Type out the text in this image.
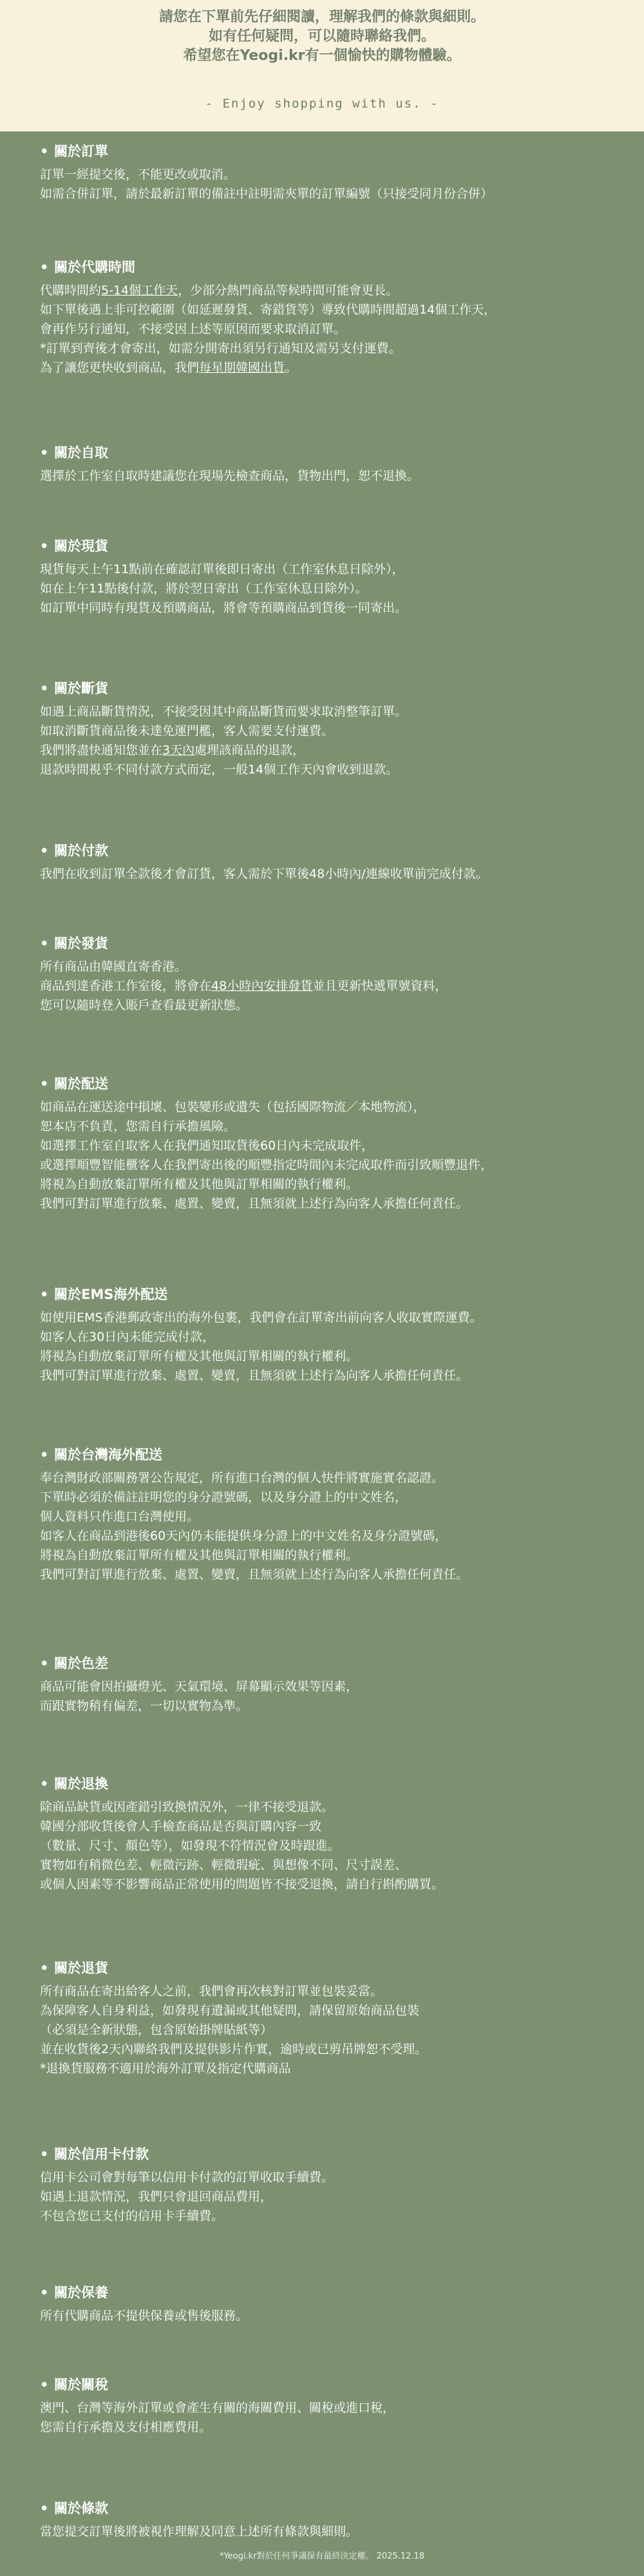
請您在下單前先仔細閱讀，理解我們的條款與細則。
如有任何疑問，可以隨時聯絡我們。
希望您在Yeogi.kr有一個愉快的購物體驗。
- Enjoy shopping with us. -
• 關於訂單
訂單一經提交後，不能更改或取消。
如需合併訂單，請於最新訂單的備註中註明需夾單的訂單編號（只接受同月份合併）
• 關於代購時間
代購時間約5-14個工作天，少部分熱門商品等候時間可能會更長。
如下單後遇上非可控範圍（如延遲發貨、寄錯貨等）導致代購時間超過14個工作天，
會再作另行通知，不接受因上述等原因而要求取消訂單。
*訂單到齊後才會寄出，如需分開寄出須另行通知及需另支付運費。
為了讓您更快收到商品，我們每星期韓國出貨。
• 關於自取
選擇於工作室自取時建議您在現場先檢查商品，貨物出門，恕不退換。
• 關於現貨
現貨每天上午11點前在確認訂單後即日寄出（工作室休息日除外），
如在上午11點後付款，將於翌日寄出（工作室休息日除外）。
如訂單中同時有現貨及預購商品，將會等預購商品到貨後一同寄出。
• 關於斷貨
如遇上商品斷貨情況，不接受因其中商品斷貨而要求取消整筆訂單。
如取消斷貨商品後未達免運門檻，客人需要支付運費。
我們將盡快通知您並在3天內處理該商品的退款，
退款時間視乎不同付款方式而定，一般14個工作天內會收到退款。
• 關於付款
我們在收到訂單全款後才會訂貨，客人需於下單後48小時內/連線收單前完成付款。
• 關於發貨
所有商品由韓國直寄香港。
商品到達香港工作室後，將會在48小時內安排發貨並且更新快遞單號資料，
您可以隨時登入賬戶查看最更新狀態。
• 關於配送
如商品在運送途中損壞、包裝變形或遺失（包括國際物流／本地物流），
恕本店不負責，您需自行承擔風險。
如選擇工作室自取客人在我們通知取貨後60日內未完成取件，
或選擇順豐智能櫃客人在我們寄出後的順豐指定時間內未完成取件而引致順豐退件，
將視為自動放棄訂單所有權及其他與訂單相關的執行權利。
我們可對訂單進行放棄、處置、變賣，且無須就上述行為向客人承擔任何責任。
• 關於EMS海外配送
如使用EMS香港郵政寄出的海外包裹，我們會在訂單寄出前向客人收取實際運費。
如客人在30日內未能完成付款，
將視為自動放棄訂單所有權及其他與訂單相關的執行權利。
我們可對訂單進行放棄、處置、變賣，且無須就上述行為向客人承擔任何責任。
• 關於台灣海外配送
奉台灣財政部關務署公告規定，所有進口台灣的個人快件將實施實名認證。
下單時必須於備註註明您的身分證號碼，以及身分證上的中文姓名，
個人資料只作進口台灣使用。
如客人在商品到港後60天內仍未能提供身分證上的中文姓名及身分證號碼，
將視為自動放棄訂單所有權及其他與訂單相關的執行權利。
我們可對訂單進行放棄、處置、變賣，且無須就上述行為向客人承擔任何責任。
• 關於色差
商品可能會因拍攝燈光、天氣環境、屏幕顯示效果等因素，
而跟實物稍有偏差，一切以實物為準。
• 關於退換
除商品缺貨或因產錯引致換情況外，一律不接受退款。
韓國分部收貨後會人手檢查商品是否與訂購內容一致
（數量、尺寸、顏色等），如發現不符情況會及時跟進。
實物如有稍微色差、輕微污跡、輕微瑕疵、與想像不同、尺寸誤差、
或個人因素等不影響商品正常使用的問題皆不接受退換，請自行斟酌購買。
• 關於退貨
所有商品在寄出給客人之前，我們會再次核對訂單並包裝妥當。
為保障客人自身利益，如發現有遺漏或其他疑問，請保留原始商品包裝
（必須是全新狀態，包含原始掛牌貼紙等）
並在收貨後2天內聯絡我們及提供影片作實，逾時或已剪吊牌恕不受理。
*退換貨服務不適用於海外訂單及指定代購商品
• 關於信用卡付款
信用卡公司會對每筆以信用卡付款的訂單收取手續費。
如遇上退款情況，我們只會退回商品費用，
不包含您已支付的信用卡手續費。
• 關於保養
所有代購商品不提供保養或售後服務。
• 關於關稅
澳門、台灣等海外訂單或會產生有關的海關費用、關稅或進口稅，
您需自行承擔及支付相應費用。
• 關於條款
當您提交訂單後將被視作理解及同意上述所有條款與細則。
*Yeogi.kr對於任何爭議保有最終決定權。 2025.12.18
